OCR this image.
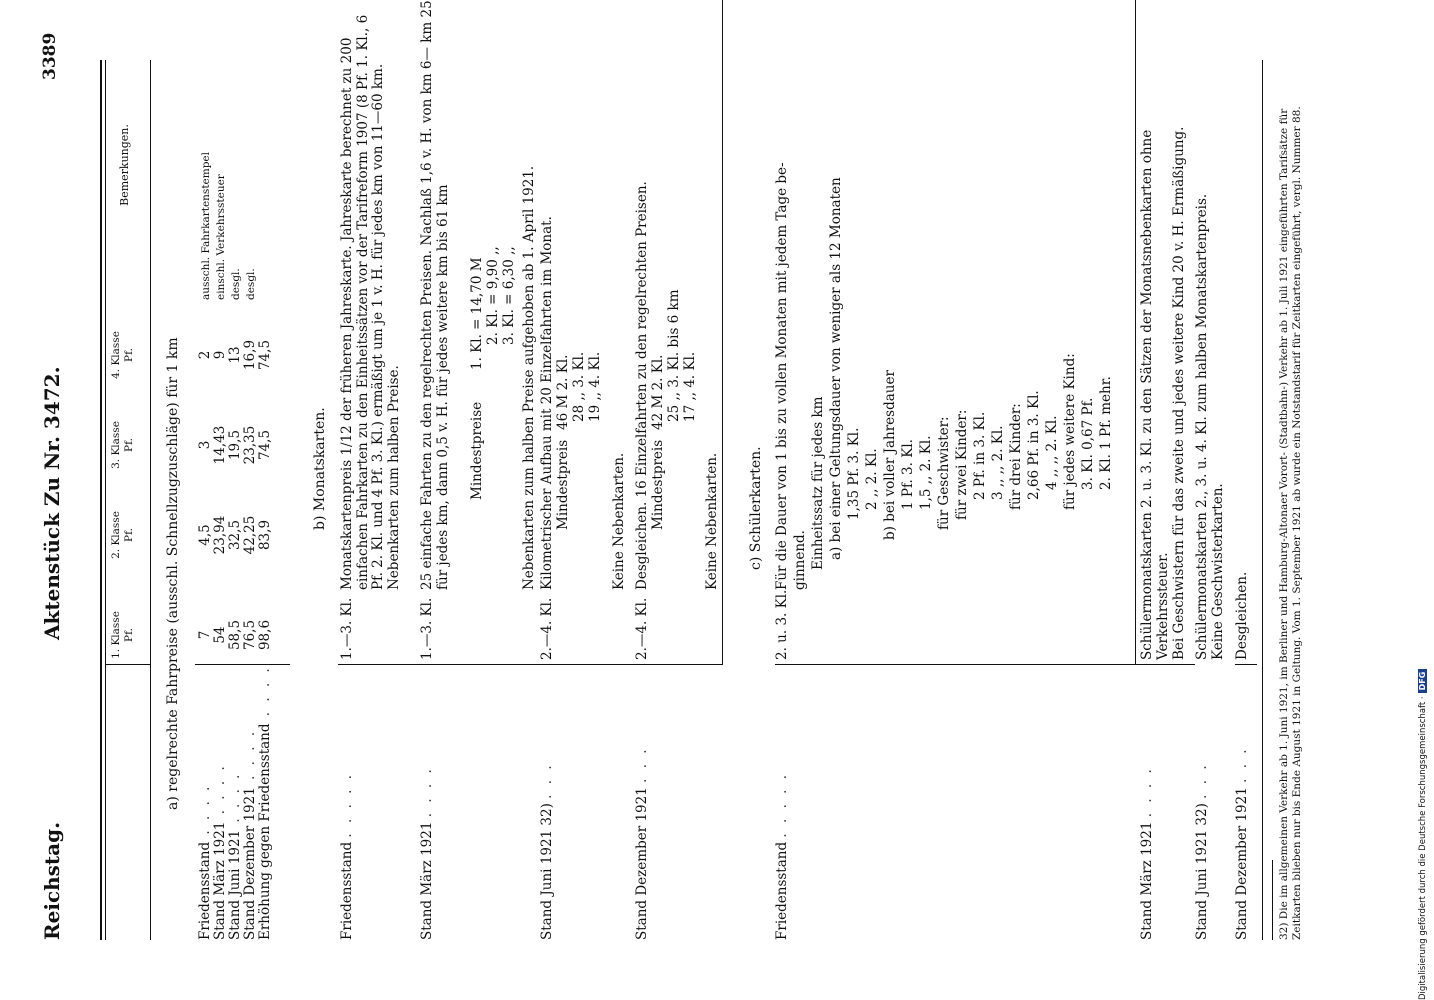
Reichstag.
Aktenstück Zu Nr. 3472.
3389
1. Klasse Pf.
2. Klasse Pf.
3. Klasse Pf.
4. Klasse Pf.
Bemerkungen.
a) regelrechte Fahrpreise (ausschl. Schnellzugzuschläge) für 1 km
Friedensstand . . . .
7
4,5
3
2
ausschl. Fahrkartenstempel
Stand März 1921 . . . .
54
23,94
14,43
9
einschl. Verkehrssteuer
Stand Juni 1921 . . . .
58,5
32,5
19,5
13
desgl.
Stand Dezember 1921 . . . .
76,5
42,25
23,35
16,9
desgl.
Erhöhung gegen Friedensstand . . . .
98,6
83,9
74,5
74,5
b) Monatskarten.
Friedensstand . . . . .
1.—3. Kl.
Monatskartenpreis 1/12 der früheren Jahreskarte. Jahreskarte berechnet zu 200 einfachen Fahrkarten zu den Einheitssätzen vor der Tarifreform 1907 (8 Pf. 1. Kl., 6 Pf. 2. Kl. und 4 Pf. 3. Kl.) ermäßigt um je 1 v. H. für jedes km von 11—60 km. Nebenkarten zum halben Preise.
Stand März 1921 . . . .
1.—3. Kl.
25 einfache Fahrten zu den regelrechten Preisen. Nachlaß 1,6 v. H. von km 6— km 25 für jedes km, dann 0,5 v. H. für jedes weitere km bis 61 km Mindestpreise
1. Kl. = 14,70 M 2. Kl. = 9,90 ,, 3. Kl. = 6,30 ,, Nebenkarten zum halben Preise aufgehoben ab 1. April 1921.
Stand Juni 1921 32) . . .
2.—4. Kl.
Kilometrischer Aufbau mit 20 Einzelfahrten im Monat. Mindestpreis
46 M 2. Kl. 28 ,, 3. Kl. 19 ,, 4. Kl.
Keine Nebenkarten.
Stand Dezember 1921 . . .
2.—4. Kl.
Desgleichen. 16 Einzelfahrten zu den regelrechten Preisen. Mindestpreis
42 M 2. Kl. 25 ,, 3. Kl. bis 6 km 17 ,, 4. Kl.
Keine Nebenkarten. c) Schülerkarten.
Friedensstand . . . . .
2. u. 3. Kl.
Für die Dauer von 1 bis zu vollen Monaten mit jedem Tage be- ginnend. Einheitssatz für jedes km a) bei einer Geltungsdauer von weniger als 12 Monaten 1,35 Pf. 3. Kl. 2 ,, 2. Kl. b) bei voller Jahresdauer 1 Pf. 3. Kl. 1,5 ,, 2. Kl. für Geschwister: für zwei Kinder: 2 Pf. in 3. Kl. 3 ,, ,, 2. Kl. für drei Kinder: 2,66 Pf. in 3. Kl. 4 ,, ,, 2. Kl. für jedes weitere Kind: 3. Kl. 0,67 Pf. 2. Kl. 1 Pf. mehr.
Stand März 1921 . . . .
Schülermonatskarten 2. u. 3. Kl. zu den Sätzen der Monatsnebenkarten ohne Verkehrssteuer. Bei Geschwistern für das zweite und jedes weitere Kind 20 v. H. Ermäßigung.
Stand Juni 1921 32) . . .
Schülermonatskarten 2., 3. u. 4. Kl. zum halben Monatskartenpreis. Keine Geschwisterkarten.
Stand Dezember 1921 . . .
Desgleichen.	32) Die im allgemeinen Verkehr ab 1. Juni 1921, im Berliner und Hamburg-Altonaer Vorort- (Stadtbahn-) Verkehr ab 1. Juli 1921 eingeführten Tarifsätze für Zeitkarten blieben nur bis Ende August 1921 in Geltung. Vom 1. September 1921 ab wurde ein Notstandstarif für Zeitkarten eingeführt, vergl. Nummer 88.	Digitalisierung gefördert durch die Deutsche Forschungsgemeinschaft ·DFG
